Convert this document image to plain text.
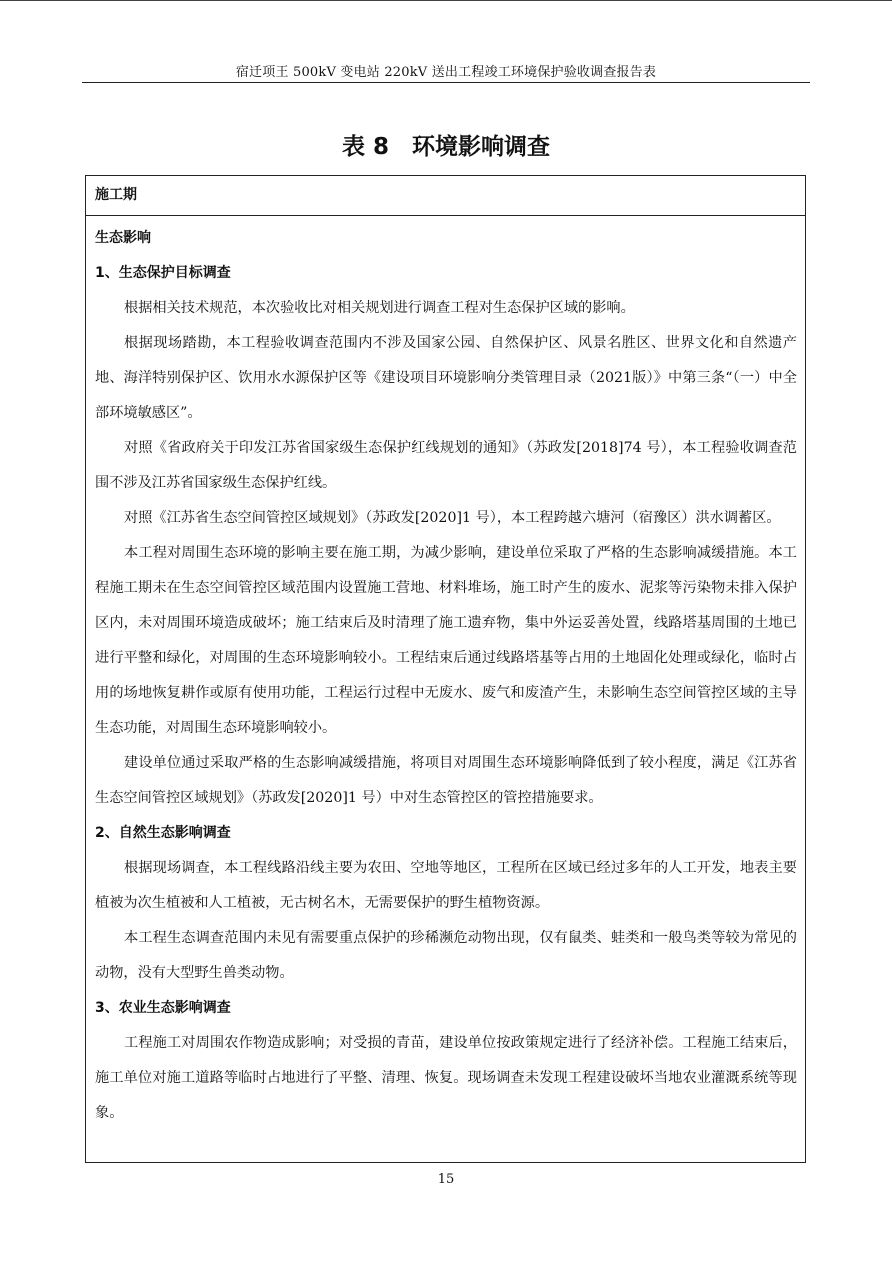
宿迁项王 500kV 变电站 220kV 送出工程竣工环境保护验收调查报告表
表 8　环境影响调查
施工期
生态影响
1、生态保护目标调查
根据相关技术规范，本次验收比对相关规划进行调查工程对生态保护区域的影响。
根据现场踏勘，本工程验收调查范围内不涉及国家公园、自然保护区、风景名胜区、世界文化和自然遗产地、海洋特别保护区、饮用水水源保护区等《建设项目环境影响分类管理目录（2021版）》中第三条“（一）中全部环境敏感区”。
对照《省政府关于印发江苏省国家级生态保护红线规划的通知》（苏政发[2018]74 号），本工程验收调查范围不涉及江苏省国家级生态保护红线。
对照《江苏省生态空间管控区域规划》（苏政发[2020]1 号），本工程跨越六塘河（宿豫区）洪水调蓄区。
本工程对周围生态环境的影响主要在施工期，为减少影响，建设单位采取了严格的生态影响减缓措施。本工程施工期未在生态空间管控区域范围内设置施工营地、材料堆场，施工时产生的废水、泥浆等污染物未排入保护区内，未对周围环境造成破坏；施工结束后及时清理了施工遗弃物，集中外运妥善处置，线路塔基周围的土地已进行平整和绿化，对周围的生态环境影响较小。工程结束后通过线路塔基等占用的土地固化处理或绿化，临时占用的场地恢复耕作或原有使用功能，工程运行过程中无废水、废气和废渣产生，未影响生态空间管控区域的主导生态功能，对周围生态环境影响较小。
建设单位通过采取严格的生态影响减缓措施，将项目对周围生态环境影响降低到了较小程度，满足《江苏省生态空间管控区域规划》（苏政发[2020]1 号）中对生态管控区的管控措施要求。
2、自然生态影响调查
根据现场调查，本工程线路沿线主要为农田、空地等地区，工程所在区域已经过多年的人工开发，地表主要植被为次生植被和人工植被，无古树名木，无需要保护的野生植物资源。
本工程生态调查范围内未见有需要重点保护的珍稀濒危动物出现，仅有鼠类、蛙类和一般鸟类等较为常见的动物，没有大型野生兽类动物。
3、农业生态影响调查
工程施工对周围农作物造成影响；对受损的青苗，建设单位按政策规定进行了经济补偿。工程施工结束后，施工单位对施工道路等临时占地进行了平整、清理、恢复。现场调查未发现工程建设破坏当地农业灌溉系统等现象。
15
